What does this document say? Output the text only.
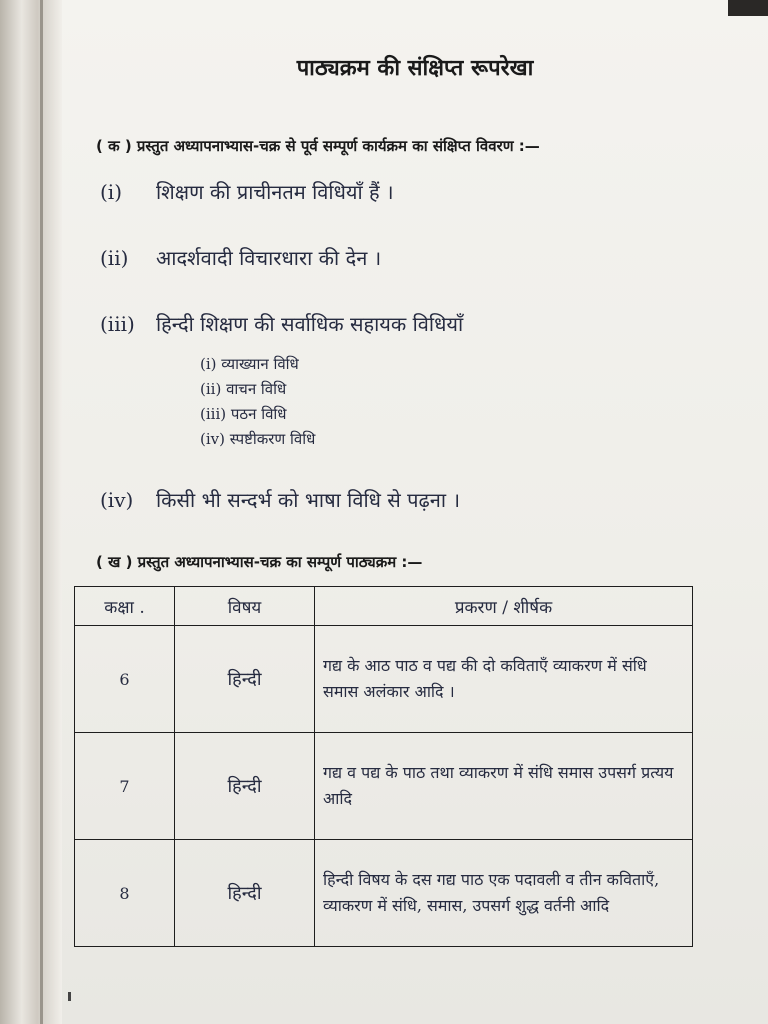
पाठ्यक्रम की संक्षिप्त रूपरेखा
( क ) प्रस्तुत अध्यापनाभ्यास-चक्र से पूर्व सम्पूर्ण कार्यक्रम का संक्षिप्त विवरण :—
(i) शिक्षण की प्राचीनतम विधियाँ हैं ।
(ii) आदर्शवादी विचारधारा की देन ।
(iii) हिन्दी शिक्षण की सर्वाधिक सहायक विधियाँ
(i) व्याख्यान विधि
(ii) वाचन विधि
(iii) पठन विधि
(iv) स्पष्टीकरण विधि
(iv) किसी भी सन्दर्भ को भाषा विधि से पढ़ना ।
( ख ) प्रस्तुत अध्यापनाभ्यास-चक्र का सम्पूर्ण पाठ्यक्रम :—
कक्षा .	विषय	प्रकरण / शीर्षक
6	हिन्दी	गद्य के आठ पाठ व पद्य की दो कविताएँ व्याकरण में संधि समास अलंकार आदि ।
7	हिन्दी	गद्य व पद्य के पाठ तथा व्याकरण में संधि समास उपसर्ग प्रत्यय आदि
8	हिन्दी	हिन्दी विषय के दस गद्य पाठ एक पदावली व तीन कविताएँ, व्याकरण में संधि, समास, उपसर्ग शुद्ध वर्तनी आदि
